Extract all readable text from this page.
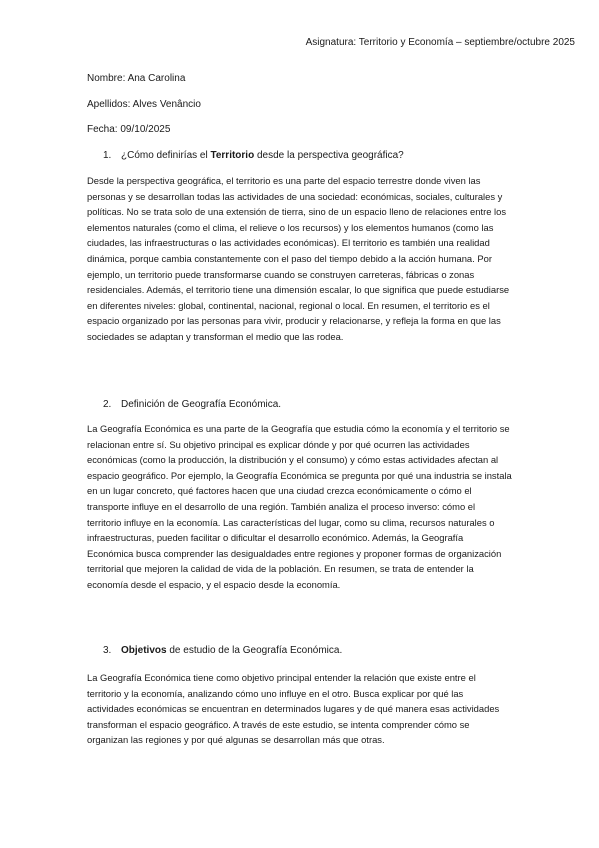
Asignatura: Territorio y Economía – septiembre/octubre 2025
Nombre: Ana Carolina
Apellidos: Alves Venâncio
Fecha: 09/10/2025
1. ¿Cómo definirías el Territorio desde la perspectiva geográfica?

Desde la perspectiva geográfica, el territorio es una parte del espacio terrestre donde viven las personas y se desarrollan todas las actividades de una sociedad: económicas, sociales, culturales y políticas. No se trata solo de una extensión de tierra, sino de un espacio lleno de relaciones entre los elementos naturales (como el clima, el relieve o los recursos) y los elementos humanos (como las ciudades, las infraestructuras o las actividades económicas). El territorio es también una realidad dinámica, porque cambia constantemente con el paso del tiempo debido a la acción humana. Por ejemplo, un territorio puede transformarse cuando se construyen carreteras, fábricas o zonas residenciales. Además, el territorio tiene una dimensión escalar, lo que significa que puede estudiarse en diferentes niveles: global, continental, nacional, regional o local. En resumen, el territorio es el espacio organizado por las personas para vivir, producir y relacionarse, y refleja la forma en que las sociedades se adaptan y transforman el medio que las rodea.

2. Definición de Geografía Económica.

La Geografía Económica es una parte de la Geografía que estudia cómo la economía y el territorio se relacionan entre sí. Su objetivo principal es explicar dónde y por qué ocurren las actividades económicas (como la producción, la distribución y el consumo) y cómo estas actividades afectan al espacio geográfico. Por ejemplo, la Geografía Económica se pregunta por qué una industria se instala en un lugar concreto, qué factores hacen que una ciudad crezca económicamente o cómo el transporte influye en el desarrollo de una región. También analiza el proceso inverso: cómo el territorio influye en la economía. Las características del lugar, como su clima, recursos naturales o infraestructuras, pueden facilitar o dificultar el desarrollo económico. Además, la Geografía Económica busca comprender las desigualdades entre regiones y proponer formas de organización territorial que mejoren la calidad de vida de la población. En resumen, se trata de entender la economía desde el espacio, y el espacio desde la economía.

3. Objetivos de estudio de la Geografía Económica.

La Geografía Económica tiene como objetivo principal entender la relación que existe entre el territorio y la economía, analizando cómo uno influye en el otro. Busca explicar por qué las actividades económicas se encuentran en determinados lugares y de qué manera esas actividades transforman el espacio geográfico. A través de este estudio, se intenta comprender cómo se organizan las regiones y por qué algunas se desarrollan más que otras.
